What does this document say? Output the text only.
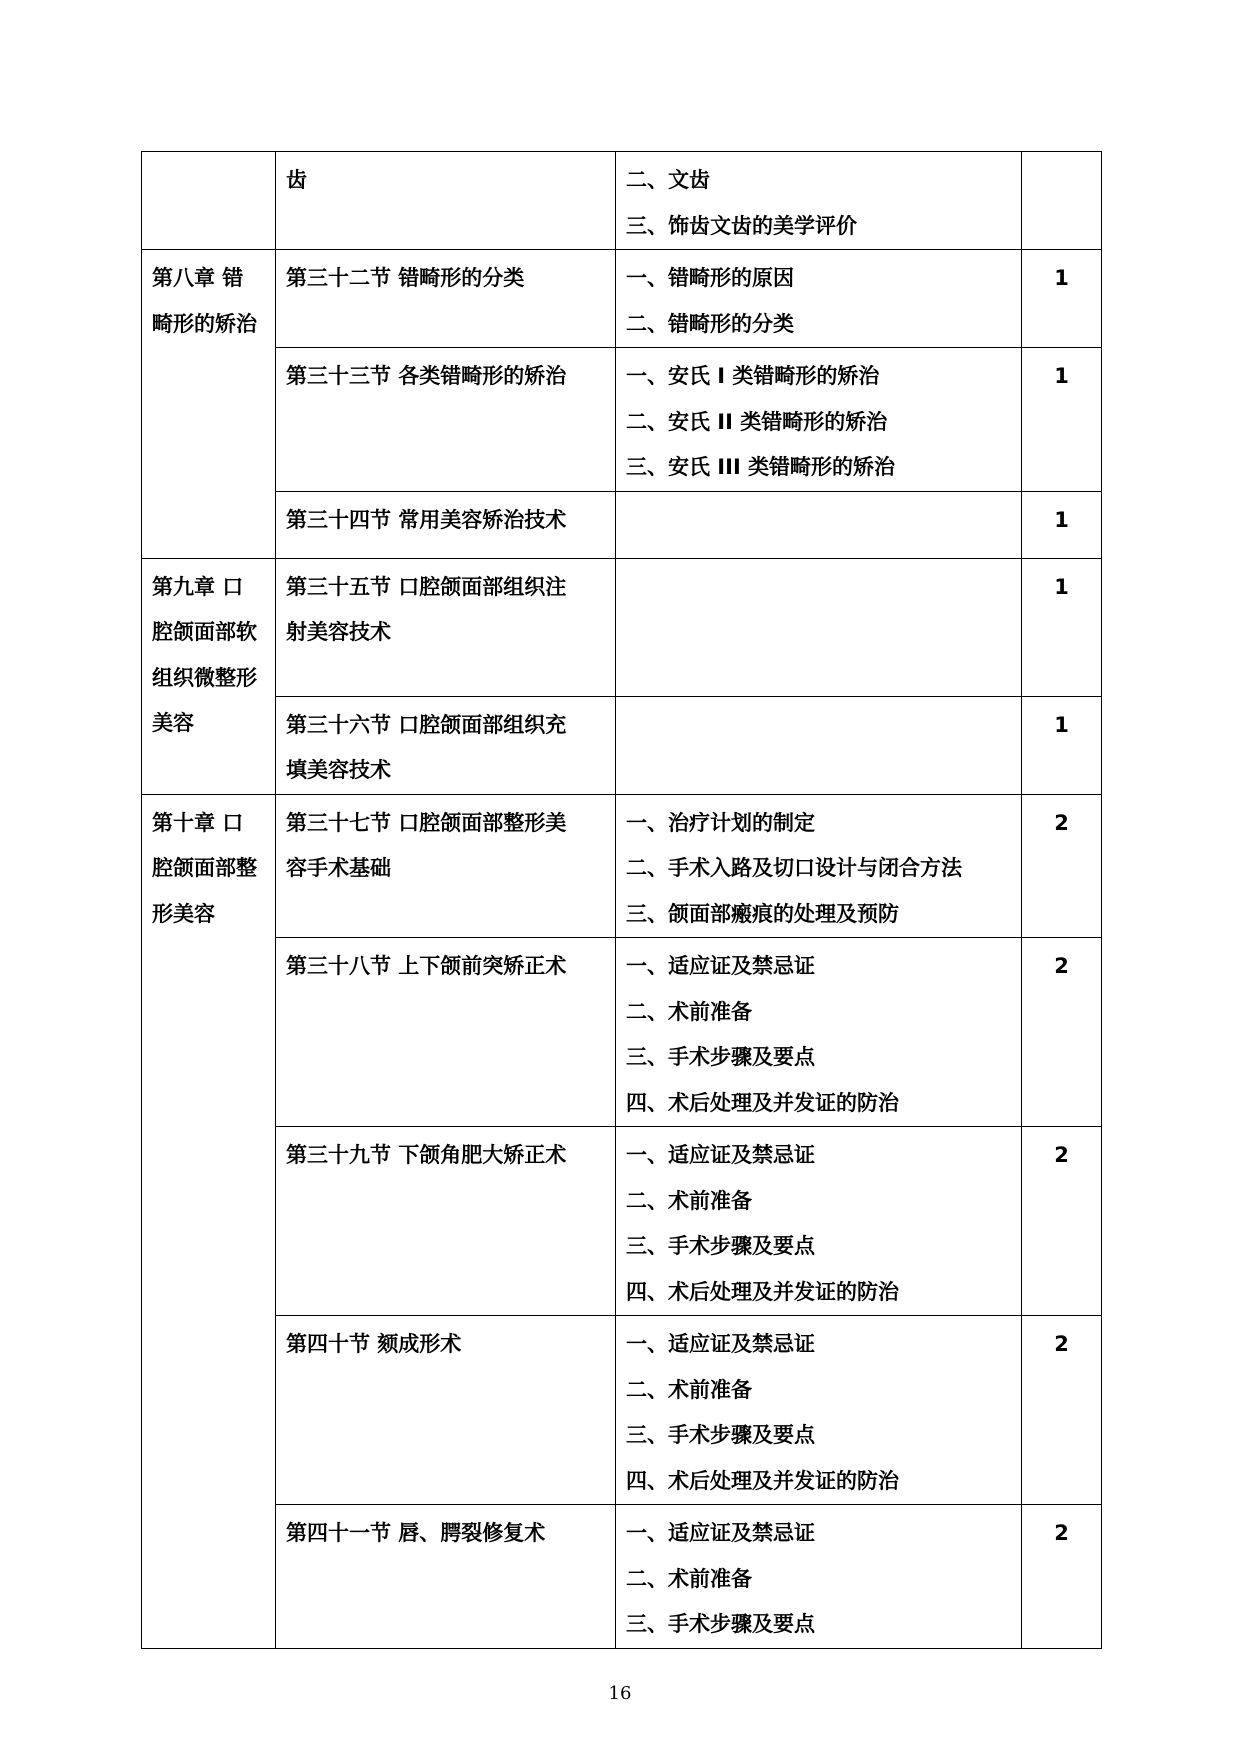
	齿	二、文齿
三、饰齿文齿的美学评价	

第八章 错
畸形的矫治	第三十二节 错畸形的分类	一、错畸形的原因
二、错畸形的分类	1

	第三十三节 各类错畸形的矫治	一、安氏 I 类错畸形的矫治
二、安氏 II 类错畸形的矫治
三、安氏 III 类错畸形的矫治	1

	第三十四节 常用美容矫治技术		1

第九章 口
腔颌面部软
组织微整形
美容	第三十五节 口腔颌面部组织注
射美容技术		1

	第三十六节 口腔颌面部组织充
填美容技术		1

第十章 口
腔颌面部整
形美容	第三十七节 口腔颌面部整形美
容手术基础	一、治疗计划的制定
二、手术入路及切口设计与闭合方法
三、颌面部瘢痕的处理及预防	2

	第三十八节 上下颌前突矫正术	一、适应证及禁忌证
二、术前准备
三、手术步骤及要点
四、术后处理及并发证的防治	2

	第三十九节 下颌角肥大矫正术	一、适应证及禁忌证
二、术前准备
三、手术步骤及要点
四、术后处理及并发证的防治	2

	第四十节 颏成形术	一、适应证及禁忌证
二、术前准备
三、手术步骤及要点
四、术后处理及并发证的防治	2

	第四十一节 唇、腭裂修复术	一、适应证及禁忌证
二、术前准备
三、手术步骤及要点	2
16
